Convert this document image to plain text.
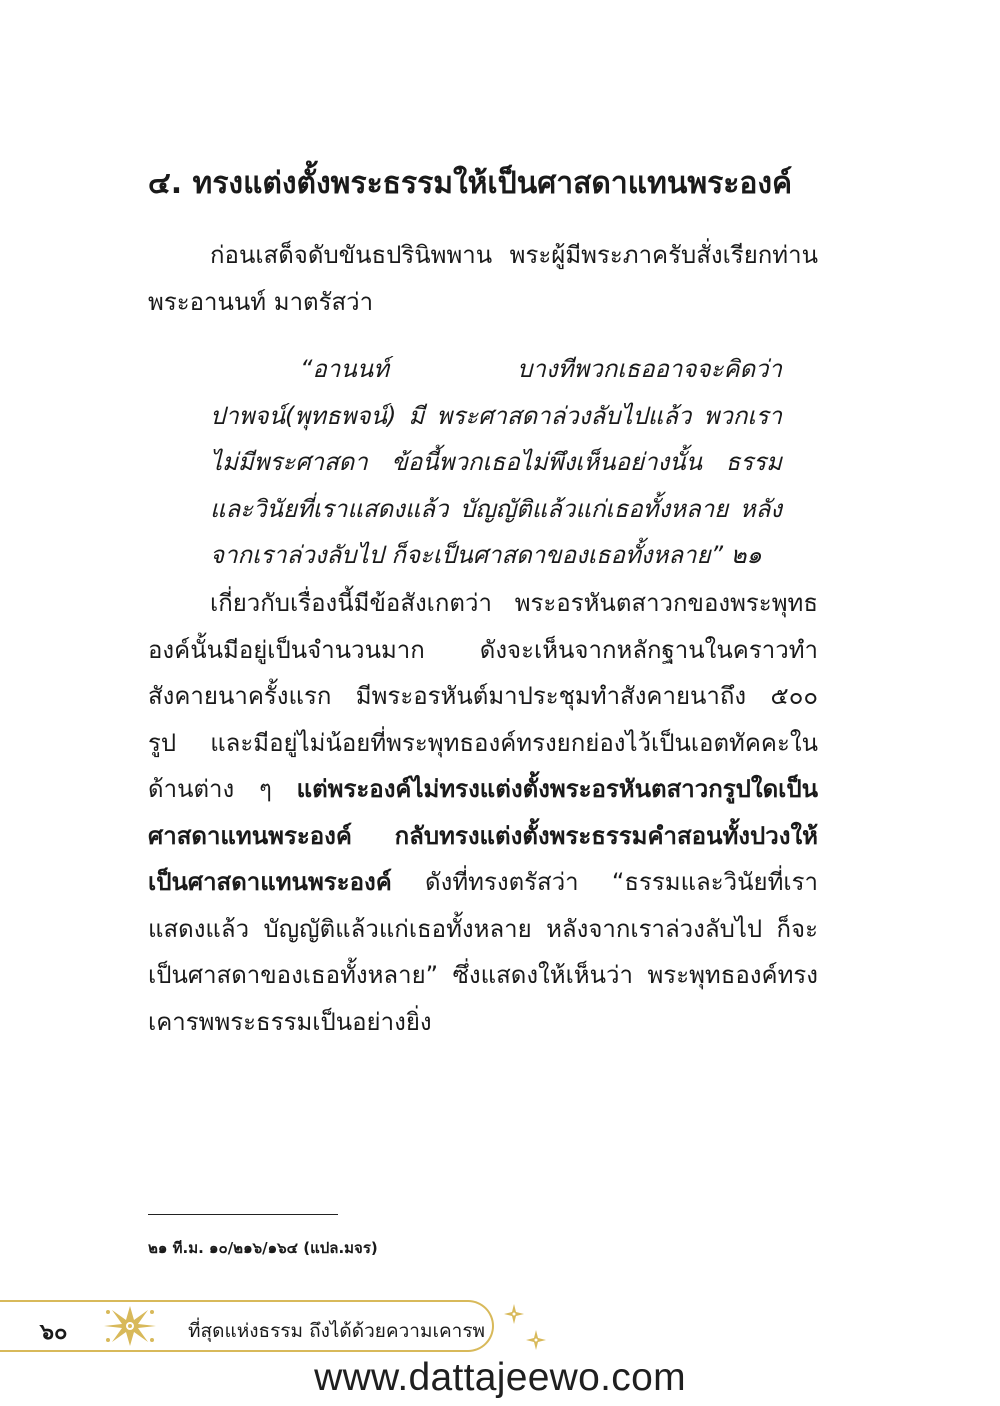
๔. ทรงแต่งตั้งพระธรรมให้เป็นศาสดาแทนพระองค์

ก่อนเสด็จดับขันธปรินิพพาน พระผู้มีพระภาครับสั่งเรียกท่านพระอานนท์ มาตรัสว่า

“อานนท์ บางทีพวกเธออาจจะคิดว่า ปาพจน์(พุทธพจน์) มี พระศาสดาล่วงลับไปแล้ว พวกเราไม่มีพระศาสดา ข้อนี้พวกเธอไม่พึงเห็นอย่างนั้น ธรรมและวินัยที่เราแสดงแล้ว บัญญัติแล้วแก่เธอทั้งหลาย หลังจากเราล่วงลับไป ก็จะเป็นศาสดาของเธอทั้งหลาย” ๒๑

เกี่ยวกับเรื่องนี้มีข้อสังเกตว่า พระอรหันตสาวกของพระพุทธองค์นั้นมีอยู่เป็นจำนวนมาก ดังจะเห็นจากหลักฐานในคราวทำสังคายนาครั้งแรก มีพระอรหันต์มาประชุมทำสังคายนาถึง ๕๐๐ รูป และมีอยู่ไม่น้อยที่พระพุทธองค์ทรงยกย่องไว้เป็นเอตทัคคะในด้านต่าง ๆ แต่พระองค์ไม่ทรงแต่งตั้งพระอรหันตสาวกรูปใดเป็นศาสดาแทนพระองค์ กลับทรงแต่งตั้งพระธรรมคำสอนทั้งปวงให้เป็นศาสดาแทนพระองค์ ดังที่ทรงตรัสว่า “ธรรมและวินัยที่เราแสดงแล้ว บัญญัติแล้วแก่เธอทั้งหลาย หลังจากเราล่วงลับไป ก็จะเป็นศาสดาของเธอทั้งหลาย” ซึ่งแสดงให้เห็นว่า พระพุทธองค์ทรงเคารพพระธรรมเป็นอย่างยิ่ง

๒๑ ที.ม. ๑๐/๒๑๖/๑๖๔ (แปล.มจร)

๖๐	ที่สุดแห่งธรรม ถึงได้ด้วยความเคารพ
www.dattajeewo.com
